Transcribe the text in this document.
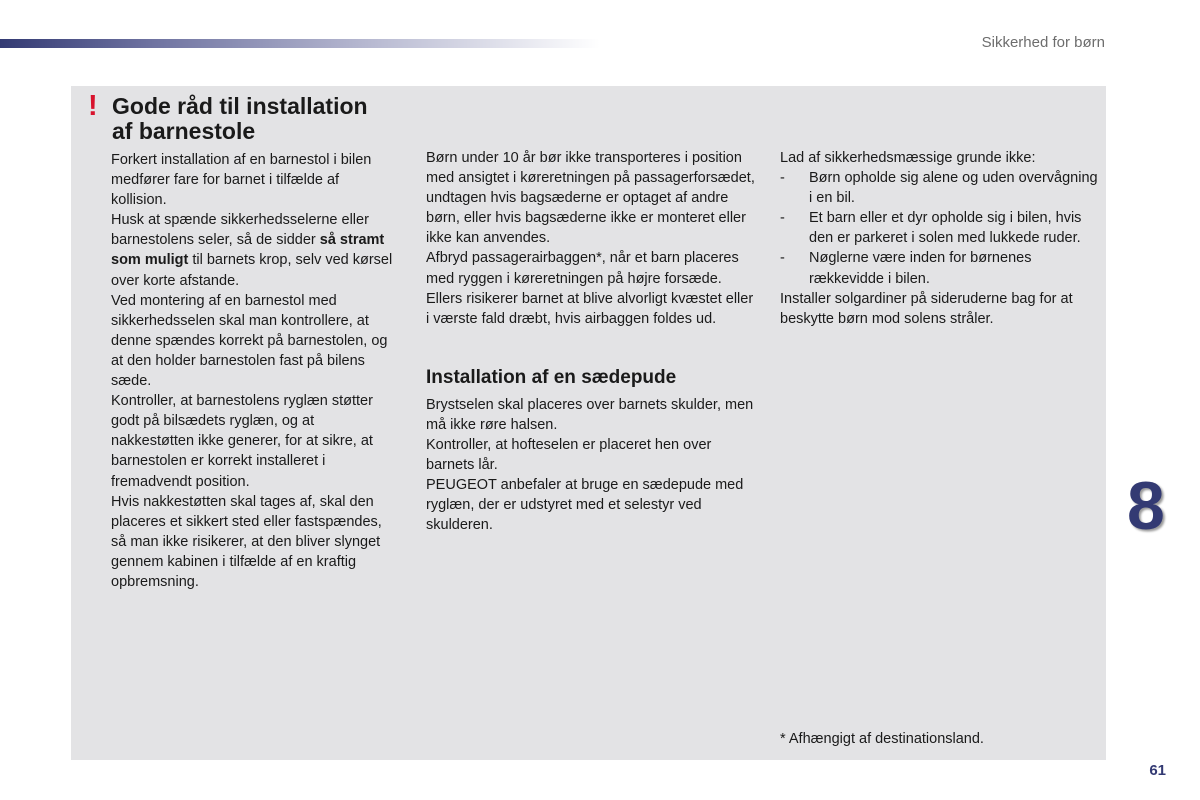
Sikkerhed for børn
! Gode råd til installation
af barnestole

Forkert installation af en barnestol i bilen medfører fare for barnet i tilfælde af kollision.

Husk at spænde sikkerhedsselerne eller barnestolens seler, så de sidder så stramt som muligt til barnets krop, selv ved kørsel over korte afstande.

Ved montering af en barnestol med sikkerhedsselen skal man kontrollere, at denne spændes korrekt på barnestolen, og at den holder barnestolen fast på bilens sæde.

Kontroller, at barnestolens ryglæn støtter godt på bilsædets ryglæn, og at nakkestøtten ikke generer, for at sikre, at barnestolen er korrekt installeret i fremadvendt position.

Hvis nakkestøtten skal tages af, skal den placeres et sikkert sted eller fastspændes, så man ikke risikerer, at den bliver slynget gennem kabinen i tilfælde af en kraftig opbremsning.

Børn under 10 år bør ikke transporteres i position med ansigtet i køreretningen på passagerforsædet, undtagen hvis bagsæderne er optaget af andre børn, eller hvis bagsæderne ikke er monteret eller ikke kan anvendes.

Afbryd passagerairbaggen*, når et barn placeres med ryggen i køreretningen på højre forsæde.

Ellers risikerer barnet at blive alvorligt kvæstet eller i værste fald dræbt, hvis airbaggen foldes ud.

Installation af en sædepude

Brystselen skal placeres over barnets skulder, men må ikke røre halsen.

Kontroller, at hofteselen er placeret hen over barnets lår.

PEUGEOT anbefaler at bruge en sædepude med ryglæn, der er udstyret med et selestyr ved skulderen.

Lad af sikkerhedsmæssige grunde ikke:

-	Børn opholde sig alene og uden overvågning i en bil.
-	Et barn eller et dyr opholde sig i bilen, hvis den er parkeret i solen med lukkede ruder.
-	Nøglerne være inden for børnenes rækkevidde i bilen.

Installer solgardiner på sideruderne bag for at beskytte børn mod solens stråler.

* Afhængigt af destinationsland.
8
61
